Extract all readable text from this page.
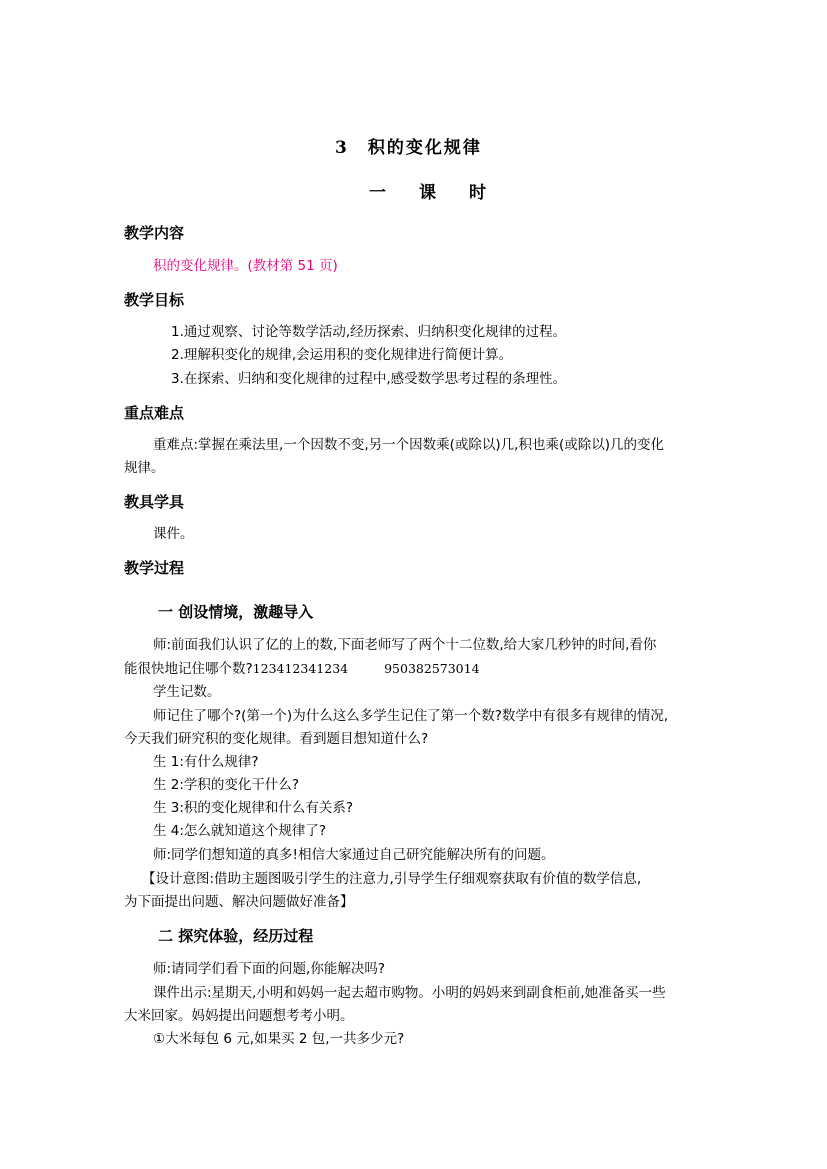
3　积的变化规律
一　课　时
教学内容
积的变化规律。(教材第 51 页)
教学目标
1.通过观察、讨论等数学活动,经历探索、归纳积变化规律的过程。
2.理解积变化的规律,会运用积的变化规律进行简便计算。
3.在探索、归纳和变化规律的过程中,感受数学思考过程的条理性。
重点难点
重难点:掌握在乘法里,一个因数不变,另一个因数乘(或除以)几,积也乘(或除以)几的变化
规律。
教具学具
课件。
教学过程
一 创设情境，激趣导入
师:前面我们认识了亿的上的数,下面老师写了两个十二位数,给大家几秒钟的时间,看你
能很快地记住哪个数?123412341234	950382573014
学生记数。
师记住了哪个?(第一个)为什么这么多学生记住了第一个数?数学中有很多有规律的情况,
今天我们研究积的变化规律。看到题目想知道什么?
生 1:有什么规律?
生 2:学积的变化干什么?
生 3:积的变化规律和什么有关系?
生 4:怎么就知道这个规律了?
师:同学们想知道的真多!相信大家通过自己研究能解决所有的问题。
【设计意图:借助主题图吸引学生的注意力,引导学生仔细观察获取有价值的数学信息,
为下面提出问题、解决问题做好准备】
二 探究体验，经历过程
师:请同学们看下面的问题,你能解决吗?
课件出示:星期天,小明和妈妈一起去超市购物。小明的妈妈来到副食柜前,她准备买一些
大米回家。妈妈提出问题想考考小明。
①大米每包 6 元,如果买 2 包,一共多少元?
